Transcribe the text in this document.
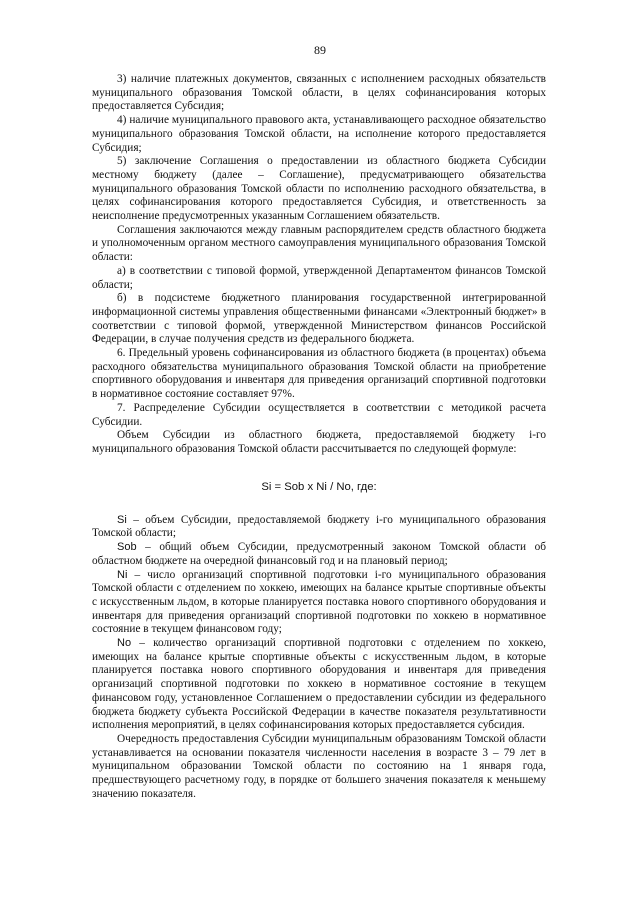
89

3) наличие платежных документов, связанных с исполнением расходных обязательств муниципального образования Томской области, в целях софинансирования которых предоставляется Субсидия;

4) наличие муниципального правового акта, устанавливающего расходное обязательство муниципального образования Томской области, на исполнение которого предоставляется Субсидия;

5) заключение Соглашения о предоставлении из областного бюджета Субсидии местному бюджету (далее – Соглашение), предусматривающего обязательства муниципального образования Томской области по исполнению расходного обязательства, в целях софинансирования которого предоставляется Субсидия, и ответственность за неисполнение предусмотренных указанным Соглашением обязательств.

Соглашения заключаются между главным распорядителем средств областного бюджета и уполномоченным органом местного самоуправления муниципального образования Томской области:

а) в соответствии с типовой формой, утвержденной Департаментом финансов Томской области;

б) в подсистеме бюджетного планирования государственной интегрированной информационной системы управления общественными финансами «Электронный бюджет» в соответствии с типовой формой, утвержденной Министерством финансов Российской Федерации, в случае получения средств из федерального бюджета.

6. Предельный уровень софинансирования из областного бюджета (в процентах) объема расходного обязательства муниципального образования Томской области на приобретение спортивного оборудования и инвентаря для приведения организаций спортивной подготовки в нормативное состояние составляет 97%.

7. Распределение Субсидии осуществляется в соответствии с методикой расчета Субсидии.

Объем Субсидии из областного бюджета, предоставляемой бюджету i-го муниципального образования Томской области рассчитывается по следующей формуле:

Si = Sob x Ni / No, где:

Si – объем Субсидии, предоставляемой бюджету i-го муниципального образования Томской области;

Sob – общий объем Субсидии, предусмотренный законом Томской области об областном бюджете на очередной финансовый год и на плановый период;

Ni – число организаций спортивной подготовки i-го муниципального образования Томской области с отделением по хоккею, имеющих на балансе крытые спортивные объекты с искусственным льдом, в которые планируется поставка нового спортивного оборудования и инвентаря для приведения организаций спортивной подготовки по хоккею в нормативное состояние в текущем финансовом году;

No – количество организаций спортивной подготовки с отделением по хоккею, имеющих на балансе крытые спортивные объекты с искусственным льдом, в которые планируется поставка нового спортивного оборудования и инвентаря для приведения организаций спортивной подготовки по хоккею в нормативное состояние в текущем финансовом году, установленное Соглашением о предоставлении субсидии из федерального бюджета бюджету субъекта Российской Федерации в качестве показателя результативности исполнения мероприятий, в целях софинансирования которых предоставляется субсидия.

Очередность предоставления Субсидии муниципальным образованиям Томской области устанавливается на основании показателя численности населения в возрасте 3 – 79 лет в муниципальном образовании Томской области по состоянию на 1 января года, предшествующего расчетному году, в порядке от большего значения показателя к меньшему значению показателя.
